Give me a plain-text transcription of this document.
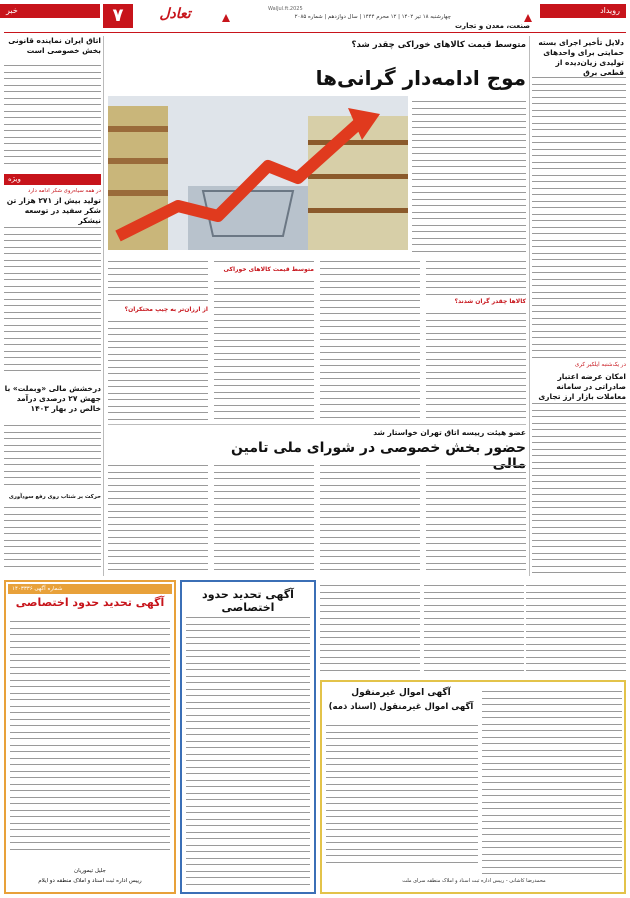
خبر	۷	تعادل	چهارشنبه ۱۸ تیر ۱۴۰۲ | ۱۲ محرم ۱۴۴۴ | سال دوازدهم | شماره ۲۰۸۵
WalJul.ft.2025
صنعت، معدن و تجارت
رویداد
دلایل تأخیر اجرای بسته حمایتی برای واحدهای تولیدی زیان‌دیده از قطعی برق
در یک‌شنبه ایلکیر کری
امکان عرضه اعتبار صادراتی در سامانه معاملات بازار ارز تجاری
اتاق ایران نماینده قانونی بخش خصوصی است
ویژه
در همه سیاه‌روی شکر ادامه دارد
تولید بیش از ۲۷۱ هزار تن شکر سفید در توسعه نیشکر
درخشش مالی «وبملت» با جهش ۲۷ درصدی درآمد خالص در بهار ۱۴۰۳
حرکت بر شتاب روی رفع سودآوری
متوسط قیمت کالاهای خوراکی چقدر شد؟
موج ادامه‌دار گرانی‌ها
کالاها چقدر گران شدند؟
متوسط قیمت کالاهای خوراکی
از ارزان‌تر به چیپ محتکران؟
عضو هیئت رییسه اتاق تهران خواستار شد
حضور بخش خصوصی در شورای ملی تامین مالی
شماره آگهی ۱۴۰۳۳۳۶
آگهی تحدید حدود اختصاصی
جلیل تیموریان
رییس اداره ثبت اسناد و املاک منطقه دو ایلام
آگهی تحدید حدود اختصاصی
آگهی اموال غیرمنقول
آگهی اموال غیرمنقول (اسناد ذمه)
محمدرضا کاشانی - رییس اداره ثبت اسناد و املاک منطقه سرای ملت
